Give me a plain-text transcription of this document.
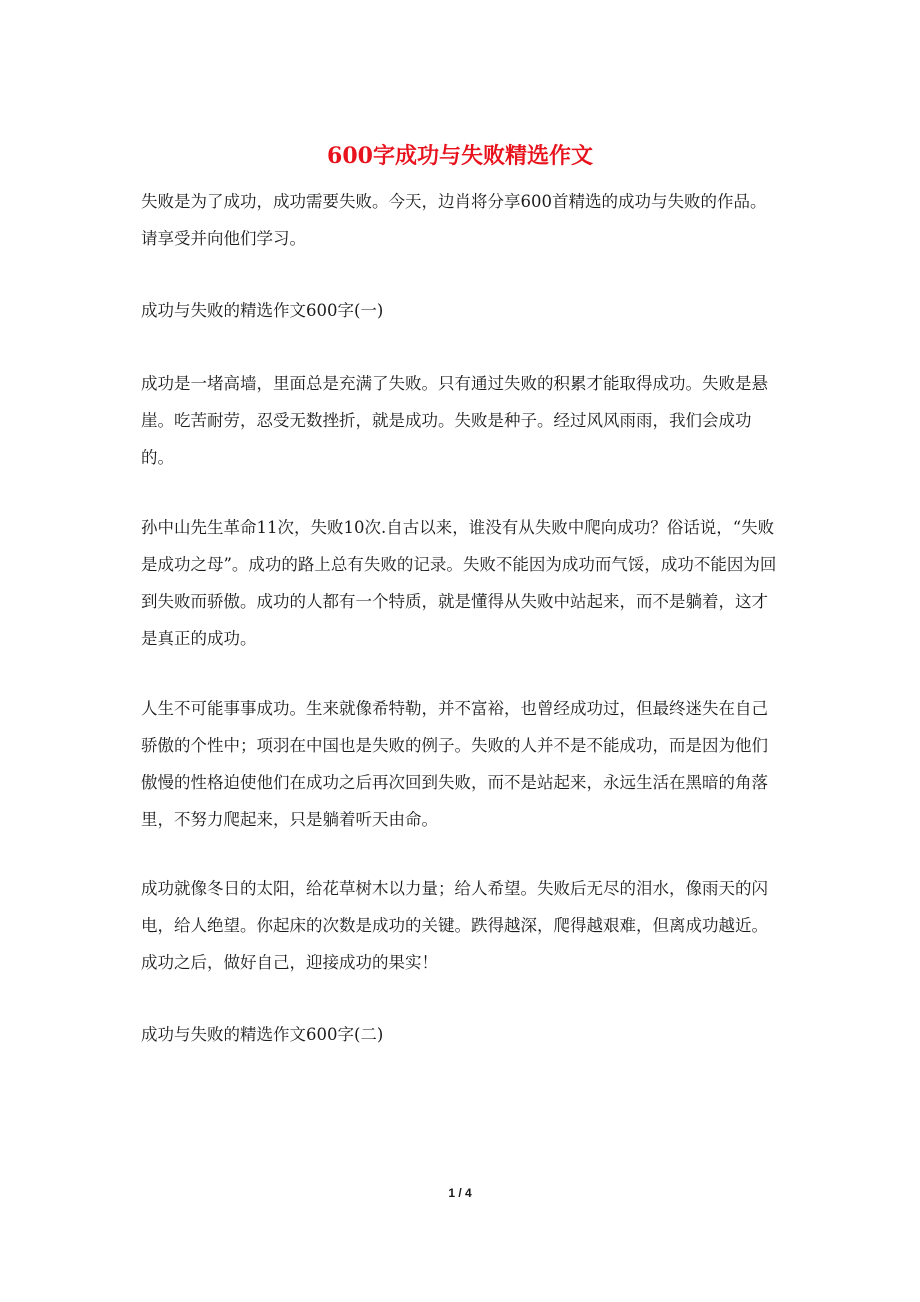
600字成功与失败精选作文

失败是为了成功，成功需要失败。今天，边肖将分享600首精选的成功与失败的作品。请享受并向他们学习。

成功与失败的精选作文600字(一)

成功是一堵高墙，里面总是充满了失败。只有通过失败的积累才能取得成功。失败是悬崖。吃苦耐劳，忍受无数挫折，就是成功。失败是种子。经过风风雨雨，我们会成功的。

孙中山先生革命11次，失败10次.自古以来，谁没有从失败中爬向成功？俗话说，“失败是成功之母”。成功的路上总有失败的记录。失败不能因为成功而气馁，成功不能因为回到失败而骄傲。成功的人都有一个特质，就是懂得从失败中站起来，而不是躺着，这才是真正的成功。

人生不可能事事成功。生来就像希特勒，并不富裕，也曾经成功过，但最终迷失在自己骄傲的个性中；项羽在中国也是失败的例子。失败的人并不是不能成功，而是因为他们傲慢的性格迫使他们在成功之后再次回到失败，而不是站起来，永远生活在黑暗的角落里，不努力爬起来，只是躺着听天由命。

成功就像冬日的太阳，给花草树木以力量；给人希望。失败后无尽的泪水，像雨天的闪电，给人绝望。你起床的次数是成功的关键。跌得越深，爬得越艰难，但离成功越近。成功之后，做好自己，迎接成功的果实！

成功与失败的精选作文600字(二)

1 / 4
